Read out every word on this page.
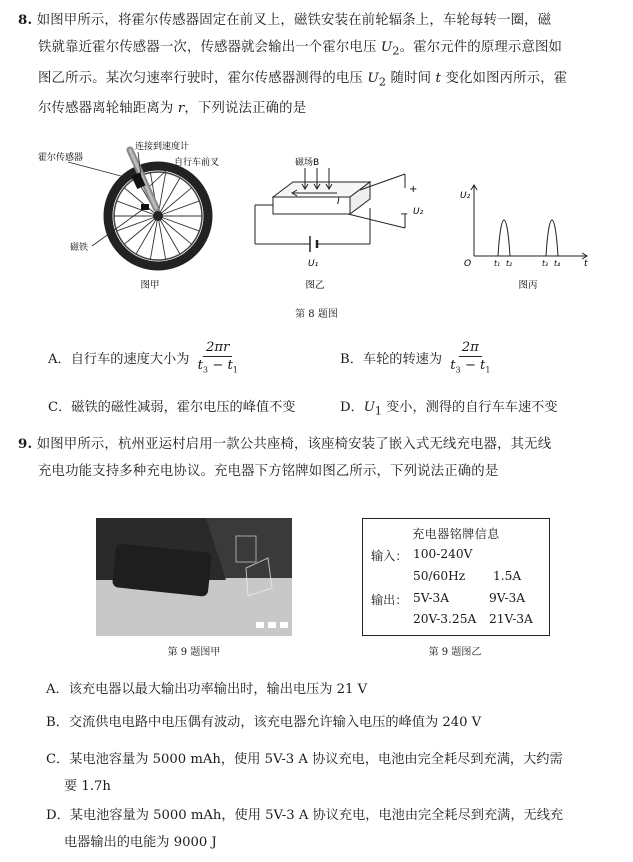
8. 如图甲所示，将霍尔传感器固定在前叉上，磁铁安装在前轮辐条上，车轮每转一圈，磁
铁就靠近霍尔传感器一次，传感器就会输出一个霍尔电压 $U_2$。霍尔元件的原理示意图如
图乙所示。某次匀速率行驶时，霍尔传感器测得的电压 $U_2$ 随时间 t 变化如图丙所示，霍
尔传感器离轮轴距离为 r，下列说法正确的是
霍尔传感器
连接到速度计
自行车前叉
磁铁
图甲
磁场B
I
+
− U₂
U₁
图乙
U₂
O	t
t₁ t₂	t₃ t₄
图丙
第 8 题图
A．自行车的速度大小为 $\frac{2\pi r}{t_3 - t_1}$	B．车轮的转速为 $\frac{2\pi}{t_3 - t_1}$
C．磁铁的磁性减弱，霍尔电压的峰值不变	D．$U_1$ 变小，测得的自行车车速不变
9. 如图甲所示，杭州亚运村启用一款公共座椅，该座椅安装了嵌入式无线充电器，其无线
充电功能支持多种充电协议。充电器下方铭牌如图乙所示，下列说法正确的是
第 9 题图甲
充电器铭牌信息
输入： 100-240V
50/60Hz 1.5A
输出： 5V-3A	9V-3A
20V-3.25A 21V-3A
第 9 题图乙
A．该充电器以最大输出功率输出时，输出电压为 21 V
B．交流供电电路中电压偶有波动，该充电器允许输入电压的峰值为 240 V
C．某电池容量为 5000 mAh，使用 5V-3 A 协议充电，电池由完全耗尽到充满，大约需
要 1.7h
D．某电池容量为 5000 mAh，使用 5V-3 A 协议充电，电池由完全耗尽到充满，无线充
电器输出的电能为 9000 J
